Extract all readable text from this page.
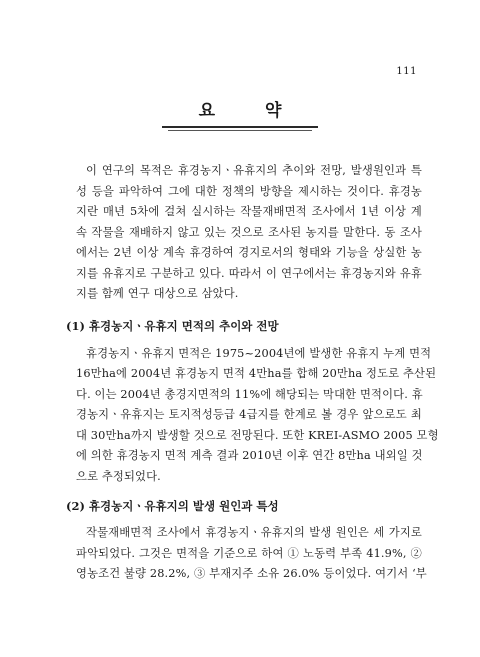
111
요 약
이 연구의 목적은 휴경농지ㆍ유휴지의 추이와 전망, 발생원인과 특
성 등을 파악하여 그에 대한 정책의 방향을 제시하는 것이다. 휴경농
지란 매년 5차에 걸쳐 실시하는 작물재배면적 조사에서 1년 이상 계
속 작물을 재배하지 않고 있는 것으로 조사된 농지를 말한다. 동 조사
에서는 2년 이상 계속 휴경하여 경지로서의 형태와 기능을 상실한 농
지를 유휴지로 구분하고 있다. 따라서 이 연구에서는 휴경농지와 유휴
지를 함께 연구 대상으로 삼았다.
(1) 휴경농지ㆍ유휴지 면적의 추이와 전망
휴경농지ㆍ유휴지 면적은 1975~2004년에 발생한 유휴지 누계 면적
16만ha에 2004년 휴경농지 면적 4만ha를 합해 20만ha 정도로 추산된
다. 이는 2004년 총경지면적의 11%에 해당되는 막대한 면적이다. 휴
경농지ㆍ유휴지는 토지적성등급 4급지를 한계로 볼 경우 앞으로도 최
대 30만ha까지 발생할 것으로 전망된다. 또한 KREI-ASMO 2005 모형
에 의한 휴경농지 면적 계측 결과 2010년 이후 연간 8만ha 내외일 것
으로 추정되었다.
(2) 휴경농지ㆍ유휴지의 발생 원인과 특성
작물재배면적 조사에서 휴경농지ㆍ유휴지의 발생 원인은 세 가지로
파악되었다. 그것은 면적을 기준으로 하여 ① 노동력 부족 41.9%, ②
영농조건 불량 28.2%, ③ 부재지주 소유 26.0% 등이었다. 여기서 ‘부
